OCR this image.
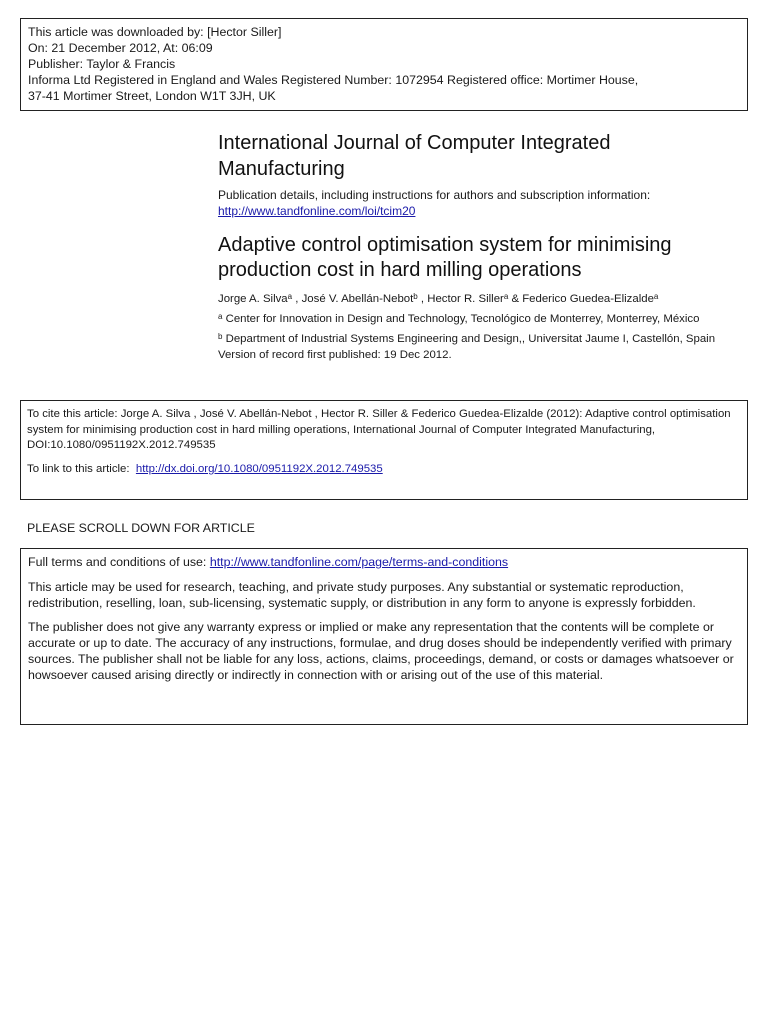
This article was downloaded by: [Hector Siller]
On: 21 December 2012, At: 06:09
Publisher: Taylor & Francis
Informa Ltd Registered in England and Wales Registered Number: 1072954 Registered office: Mortimer House,
37-41 Mortimer Street, London W1T 3JH, UK
International Journal of Computer Integrated Manufacturing
Publication details, including instructions for authors and subscription information:
http://www.tandfonline.com/loi/tcim20
Adaptive control optimisation system for minimising production cost in hard milling operations
Jorge A. Silva$^a$ , José V. Abellán-Nebot$^b$ , Hector R. Siller$^a$ & Federico Guedea-Elizalde$^a$
$^a$ Center for Innovation in Design and Technology, Tecnológico de Monterrey, Monterrey, México
$^b$ Department of Industrial Systems Engineering and Design,, Universitat Jaume I, Castellón, Spain
Version of record first published: 19 Dec 2012.

To cite this article: Jorge A. Silva , José V. Abellán-Nebot , Hector R. Siller & Federico Guedea-Elizalde (2012): Adaptive control optimisation system for minimising production cost in hard milling operations, International Journal of Computer Integrated Manufacturing, DOI:10.1080/0951192X.2012.749535

To link to this article: http://dx.doi.org/10.1080/0951192X.2012.749535

PLEASE SCROLL DOWN FOR ARTICLE

Full terms and conditions of use: http://www.tandfonline.com/page/terms-and-conditions

This article may be used for research, teaching, and private study purposes. Any substantial or systematic reproduction, redistribution, reselling, loan, sub-licensing, systematic supply, or distribution in any form to anyone is expressly forbidden.

The publisher does not give any warranty express or implied or make any representation that the contents will be complete or accurate or up to date. The accuracy of any instructions, formulae, and drug doses should be independently verified with primary sources. The publisher shall not be liable for any loss, actions, claims, proceedings, demand, or costs or damages whatsoever or howsoever caused arising directly or indirectly in connection with or arising out of the use of this material.
